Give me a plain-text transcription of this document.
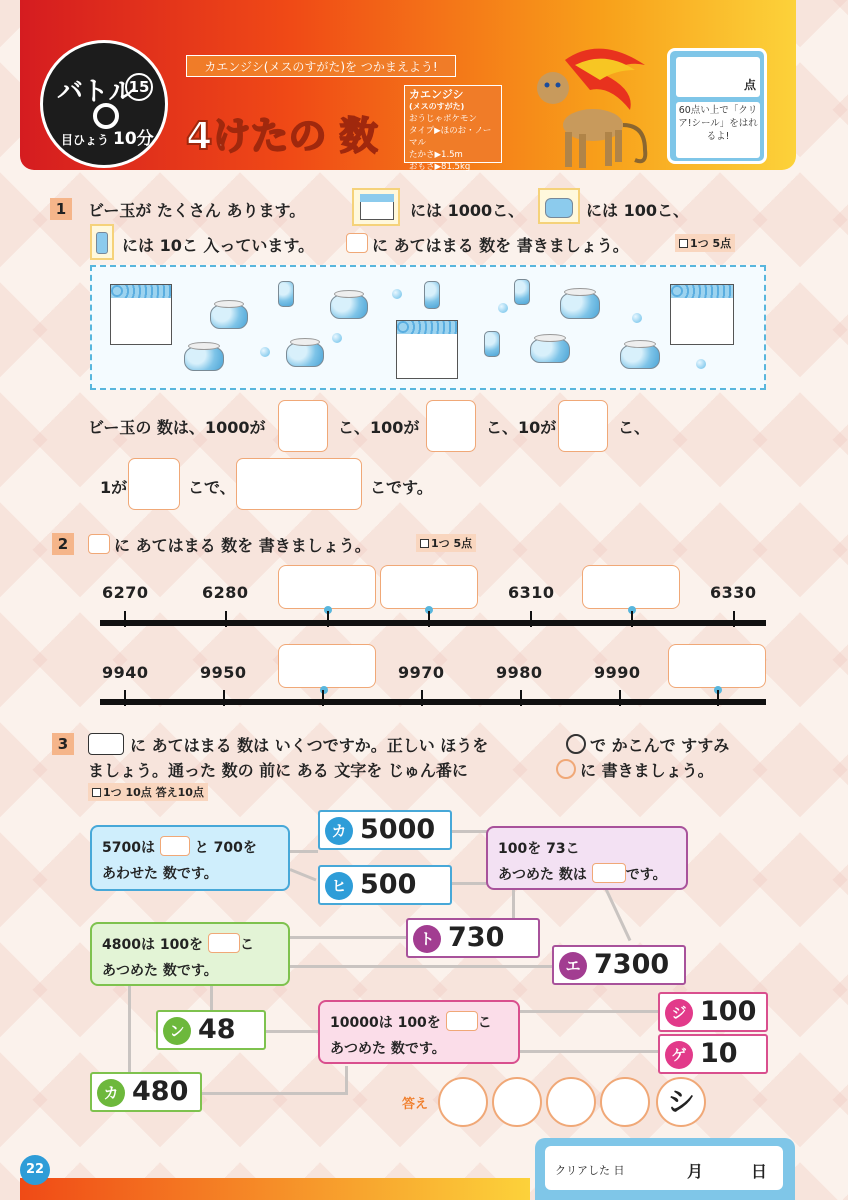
バトル
15
目ひょう 10分
カエンジシ(メスのすがた)を つかまえよう!
4けたの 数
カエンジシ
(メスのすがた)
おうじゃポケモン
タイプ▶ほのお・ノーマル
たかさ▶1.5m
おもさ▶81.5kg
点
60点い上で「クリア!シール」をはれるよ!
1	ビー玉が たくさん あります。	には 1000こ、	には 100こ、
には 10こ 入っています。	に あてはまる 数を 書きましょう。	1つ 5点
ビー玉の 数は、1000が	こ、100が	こ、10が	こ、
1が	こで、	こです。
2	に あてはまる 数を 書きましょう。	1つ 5点
6270	6280	6310	6330
9940	9950	9970	9980	9990
3	に あてはまる 数は いくつですか。正しい ほうを	で かこんで すすみ
ましょう。通った 数の 前に ある 文字を じゅん番に	に 書きましょう。
1つ 10点 答え10点
5700は	と 700を
あわせた 数です。
100を 73こ
あつめた 数は	です。
4800は 100を	こ
あつめた 数です。
10000は 100を	こ
あつめた 数です。
カ 5000
ヒ 500
ト 730
エ 7300
ン 48
ジ 100
ゲ 10
カ 480	答え	シ
22	クリアした 日	月	日
